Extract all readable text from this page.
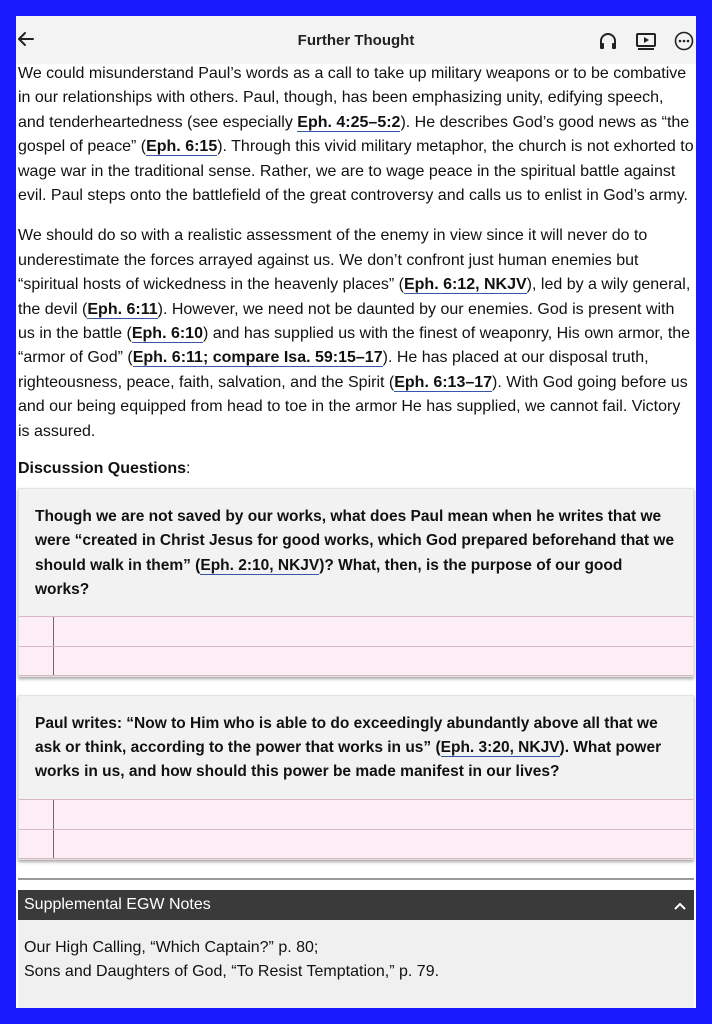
Further Thought

We could misunderstand Paul’s words as a call to take up military weapons or to be combative in our relationships with others. Paul, though, has been emphasizing unity, edifying speech, and tenderheartedness (see especially Eph. 4:25–5:2). He describes God’s good news as “the gospel of peace” (Eph. 6:15). Through this vivid military metaphor, the church is not exhorted to wage war in the traditional sense. Rather, we are to wage peace in the spiritual battle against evil. Paul steps onto the battlefield of the great controversy and calls us to enlist in God’s army.

We should do so with a realistic assessment of the enemy in view since it will never do to underestimate the forces arrayed against us. We don’t confront just human enemies but “spiritual hosts of wickedness in the heavenly places” (Eph. 6:12, NKJV), led by a wily general, the devil (Eph. 6:11). However, we need not be daunted by our enemies. God is present with us in the battle (Eph. 6:10) and has supplied us with the finest of weaponry, His own armor, the “armor of God” (Eph. 6:11; compare Isa. 59:15–17). He has placed at our disposal truth, righteousness, peace, faith, salvation, and the Spirit (Eph. 6:13–17). With God going before us and our being equipped from head to toe in the armor He has supplied, we cannot fail. Victory is assured.

Discussion Questions:
Though we are not saved by our works, what does Paul mean when he writes that we were “created in Christ Jesus for good works, which God prepared beforehand that we should walk in them” (Eph. 2:10, NKJV)? What, then, is the purpose of our good works?
Paul writes: “Now to Him who is able to do exceedingly abundantly above all that we ask or think, according to the power that works in us” (Eph. 3:20, NKJV). What power works in us, and how should this power be made manifest in our lives?
Supplemental EGW Notes
Our High Calling, “Which Captain?” p. 80;
Sons and Daughters of God, “To Resist Temptation,” p. 79.
